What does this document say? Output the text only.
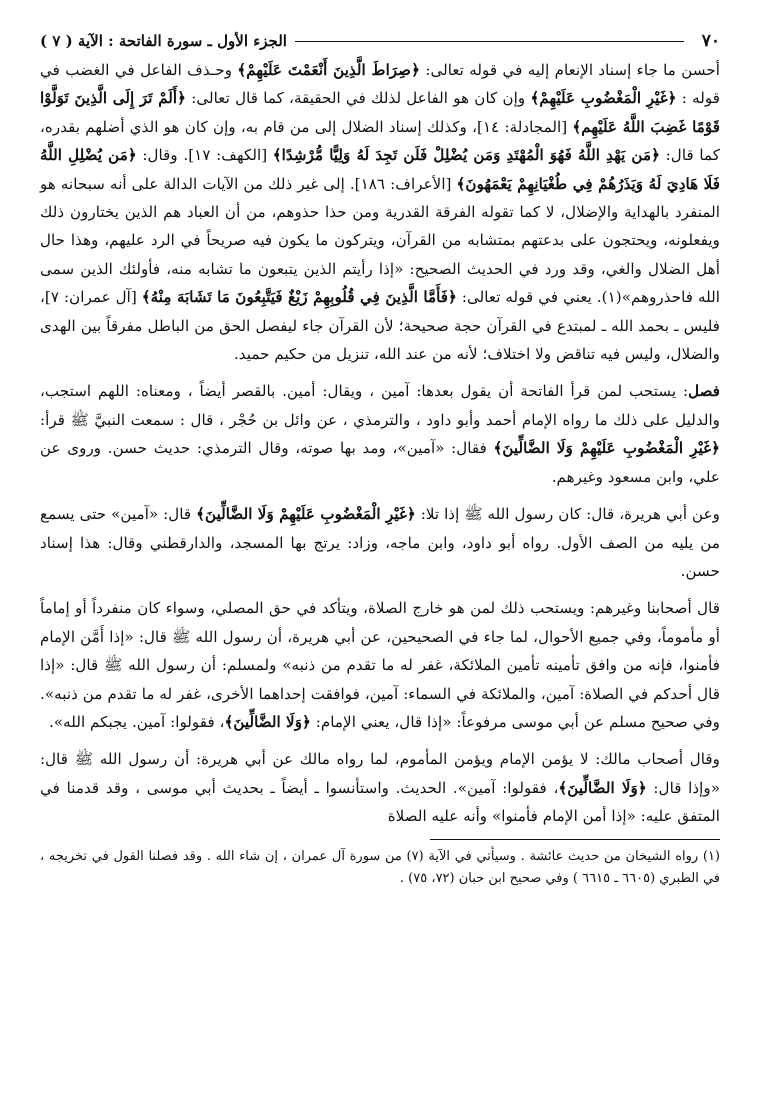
٧٠
الجزء الأول ـ سورة الفاتحة : الآية ( ٧ )

أحسن ما جاء إسناد الإنعام إليه في قوله تعالى: ﴿صِرَاطَ الَّذِينَ أَنْعَمْتَ عَلَيْهِمْ﴾ وحـذف الفاعل في الغضب في قوله : ﴿غَيْرِ الْمَغْضُوبِ عَلَيْهِمْ﴾ وإن كان هو الفاعل لذلك في الحقيقة، كما قال تعالى: ﴿أَلَمْ تَرَ إِلَى الَّذِينَ تَوَلَّوْا قَوْمًا غَضِبَ اللَّهُ عَلَيْهِم﴾ [المجادلة: ١٤]، وكذلك إسناد الضلال إلى من قام به، وإن كان هو الذي أضلهم بقدره، كما قال: ﴿مَن يَهْدِ اللَّهُ فَهُوَ الْمُهْتَدِ وَمَن يُضْلِلْ فَلَن تَجِدَ لَهُ وَلِيًّا مُّرْشِدًا﴾ [الكهف: ١٧]. وقال: ﴿مَن يُضْلِلِ اللَّهُ فَلَا هَادِيَ لَهُ وَيَذَرُهُمْ فِي طُغْيَانِهِمْ يَعْمَهُونَ﴾ [الأعراف: ١٨٦]. إلى غير ذلك من الآيات الدالة على أنه سبحانه هو المنفرد بالهداية والإضلال، لا كما تقوله الفرقة القدرية ومن حذا حذوهم، من أن العباد هم الذين يختارون ذلك ويفعلونه، ويحتجون على بدعتهم بمتشابه من القرآن، ويتركون ما يكون فيه صريحاً في الرد عليهم، وهذا حال أهل الضلال والغي، وقد ورد في الحديث الصحيح: «إذا رأيتم الذين يتبعون ما تشابه منه، فأولئك الذين سمى الله فاحذروهم»(١). يعني في قوله تعالى: ﴿فَأَمَّا الَّذِينَ فِي قُلُوبِهِمْ زَيْغٌ فَيَتَّبِعُونَ مَا تَشَابَهَ مِنْهُ﴾ [آل عمران: ٧]، فليس ـ بحمد الله ـ لمبتدع في القرآن حجة صحيحة؛ لأن القرآن جاء ليفصل الحق من الباطل مفرقاً بين الهدى والضلال، وليس فيه تناقض ولا اختلاف؛ لأنه من عند الله، تنزيل من حكيم حميد.

فصل: يستحب لمن قرأ الفاتحة أن يقول بعدها: آمين ، ويقال: أمين. بالقصر أيضاً ، ومعناه: اللهم استجب، والدليل على ذلك ما رواه الإمام أحمد وأبو داود ، والترمذي ، عن وائل بن حُجْر ، قال : سمعت النبيَّ ﷺ قرأ: ﴿غَيْرِ الْمَغْضُوبِ عَلَيْهِمْ وَلَا الضَّالِّينَ﴾ فقال: «آمين»، ومد بها صوته، وقال الترمذي: حديث حسن. وروى عن علي، وابن مسعود وغيرهم.

وعن أبي هريرة، قال: كان رسول الله ﷺ إذا تلا: ﴿غَيْرِ الْمَغْضُوبِ عَلَيْهِمْ وَلَا الضَّالِّينَ﴾ قال: «آمين» حتى يسمع من يليه من الصف الأول. رواه أبو داود، وابن ماجه، وزاد: يرتج بها المسجد، والدارقطني وقال: هذا إسناد حسن.

قال أصحابنا وغيرهم: ويستحب ذلك لمن هو خارج الصلاة، ويتأكد في حق المصلي، وسواء كان منفرداً أو إماماً أو مأموماً، وفي جميع الأحوال، لما جاء في الصحيحين، عن أبي هريرة، أن رسول الله ﷺ قال: «إذا أَمَّن الإمام فأمنوا، فإنه من وافق تأمينه تأمين الملائكة، غفر له ما تقدم من ذنبه» ولمسلم: أن رسول الله ﷺ قال: «إذا قال أحدكم في الصلاة: آمين، والملائكة في السماء: آمين، فوافقت إحداهما الأخرى، غفر له ما تقدم من ذنبه». وفي صحيح مسلم عن أبي موسى مرفوعاً: «إذا قال، يعني الإمام: ﴿وَلَا الضَّالِّينَ﴾، فقولوا: آمين. يجبكم الله».

وقال أصحاب مالك: لا يؤمن الإمام ويؤمن المأموم، لما رواه مالك عن أبي هريرة: أن رسول الله ﷺ قال: «وإذا قال: ﴿وَلَا الضَّالِّينَ﴾، فقولوا: آمين». الحديث. واستأنسوا ـ أيضاً ـ بحديث أبي موسى ، وقد قدمنا في المتفق عليه: «إذا أمن الإمام فأمنوا» وأنه عليه الصلاة

(١) رواه الشيخان من حديث عائشة . وسيأتي في الآية (٧) من سورة آل عمران ، إن شاء الله . وقد فصلنا القول في تخريجه ، في الطبري (٦٦٠٥ ـ ٦٦١٥ ) وفي صحيح ابن حبان (٧٢، ٧٥) .
